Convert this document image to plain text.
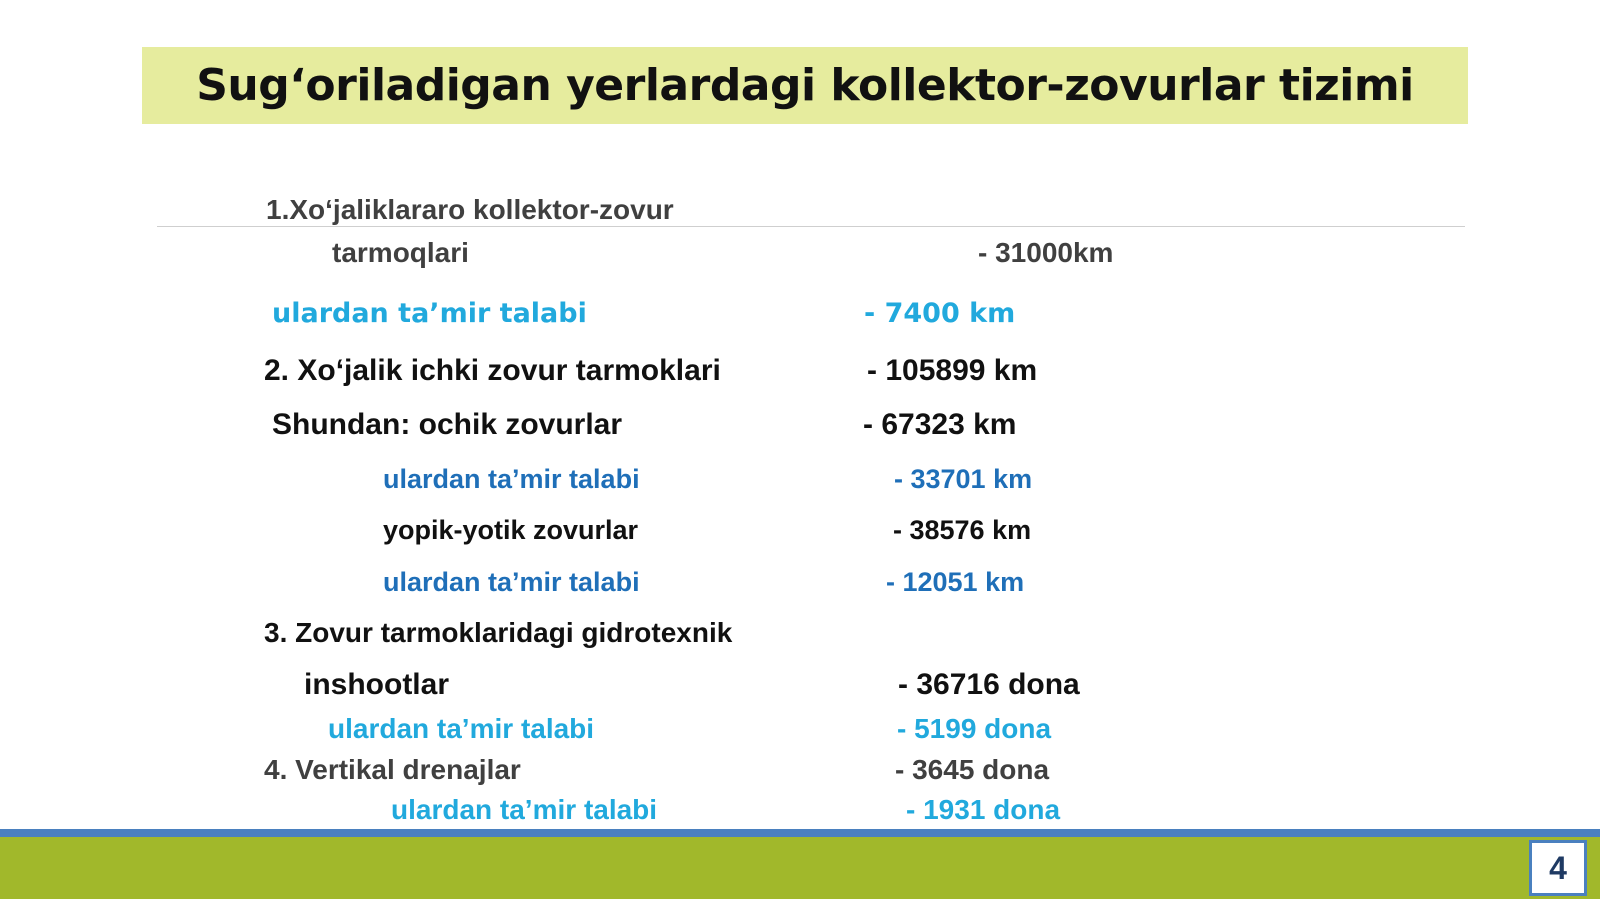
Sug‘oriladigan yerlardagi kollektor-zovurlar tizimi
1.Xo‘jaliklararo kollektor-zovur
tarmoqlari	- 31000km
ulardan ta’mir talabi	- 7400 km
2. Xo‘jalik ichki zovur tarmoklari	- 105899 km
Shundan: ochik zovurlar	- 67323 km
ulardan ta’mir talabi	- 33701 km
yopik-yotik zovurlar	- 38576 km
ulardan ta’mir talabi	- 12051 km
3. Zovur tarmoklaridagi gidrotexnik
inshootlar	- 36716 dona
ulardan ta’mir talabi	- 5199 dona
4. Vertikal drenajlar	- 3645 dona
ulardan ta’mir talabi	- 1931 dona
4
